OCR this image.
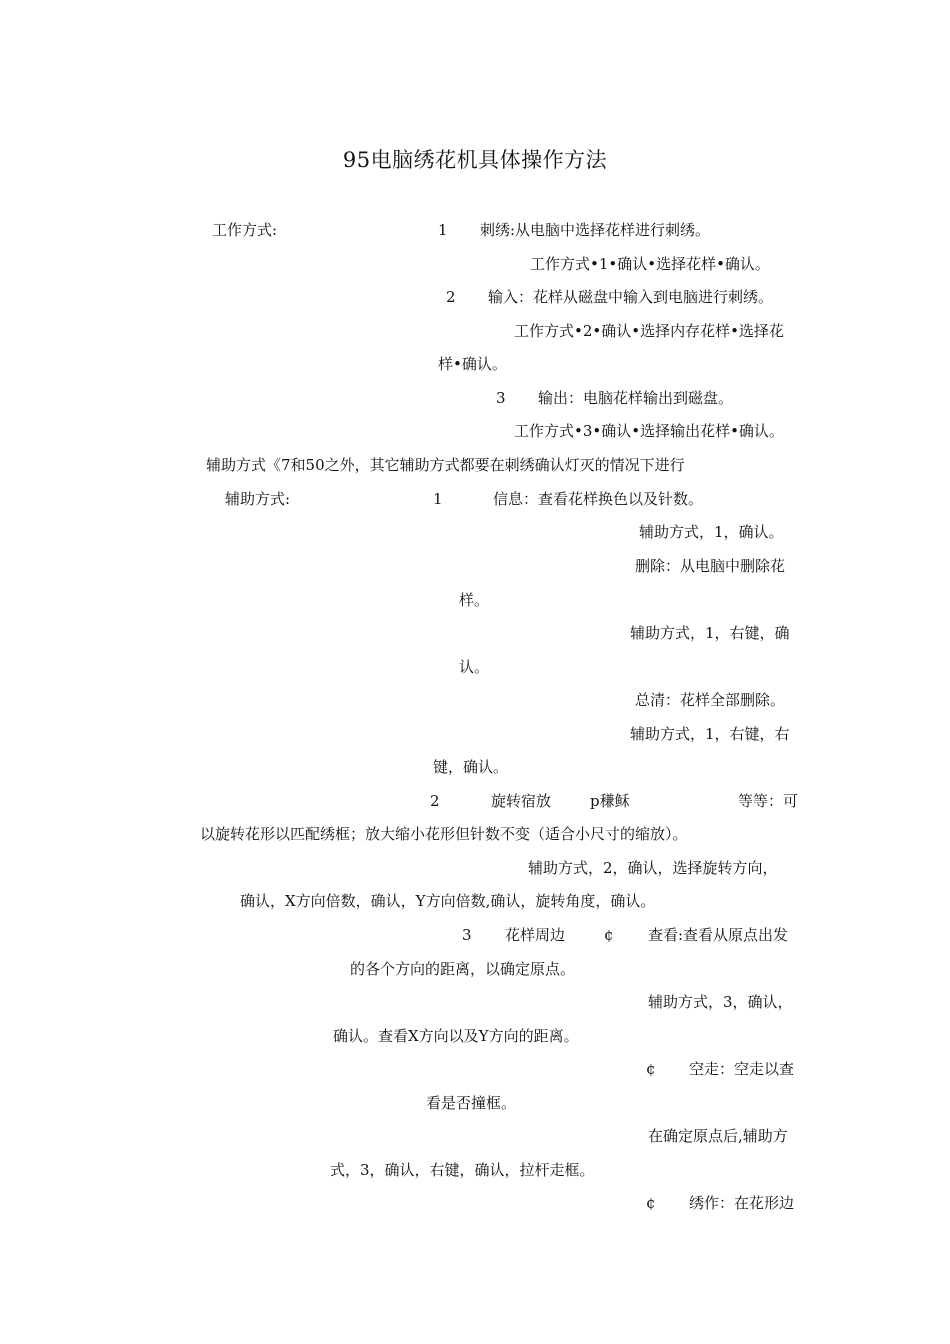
95电脑绣花机具体操作方法
工作方式:	1 刺绣:从电脑中选择花样进行刺绣。
工作方式•1•确认•选择花样•确认。
2 输入：花样从磁盘中输入到电脑进行刺绣。
工作方式•2•确认•选择内存花样•选择花
样•确认。
3 输出：电脑花样输出到磁盘。
工作方式•3•确认•选择输出花样•确认。
辅助方式《7和50之外，其它辅助方式都要在刺绣确认灯灭的情况下进行
辅助方式:	1	信息：查看花样换色以及针数。
辅助方式，1，确认。
删除：从电脑中删除花
样。
辅助方式，1，右键，确
认。
总清：花样全部删除。
辅助方式，1，右键，右
键，确认。
2	旋转宿放	p稴稣	等等：可
以旋转花形以匹配绣框；放大缩小花形但针数不变（适合小尺寸的缩放）。
辅助方式，2，确认，选择旋转方向，
确认，X方向倍数，确认，Y方向倍数,确认，旋转角度，确认。
3 花样周边	¢ 查看:查看从原点出发
的各个方向的距离，以确定原点。
辅助方式，3，确认，
确认。查看X方向以及Y方向的距离。
¢ 空走：空走以查
看是否撞框。
在确定原点后,辅助方
式，3，确认，右键，确认，拉杆走框。
¢ 绣作：在花形边
